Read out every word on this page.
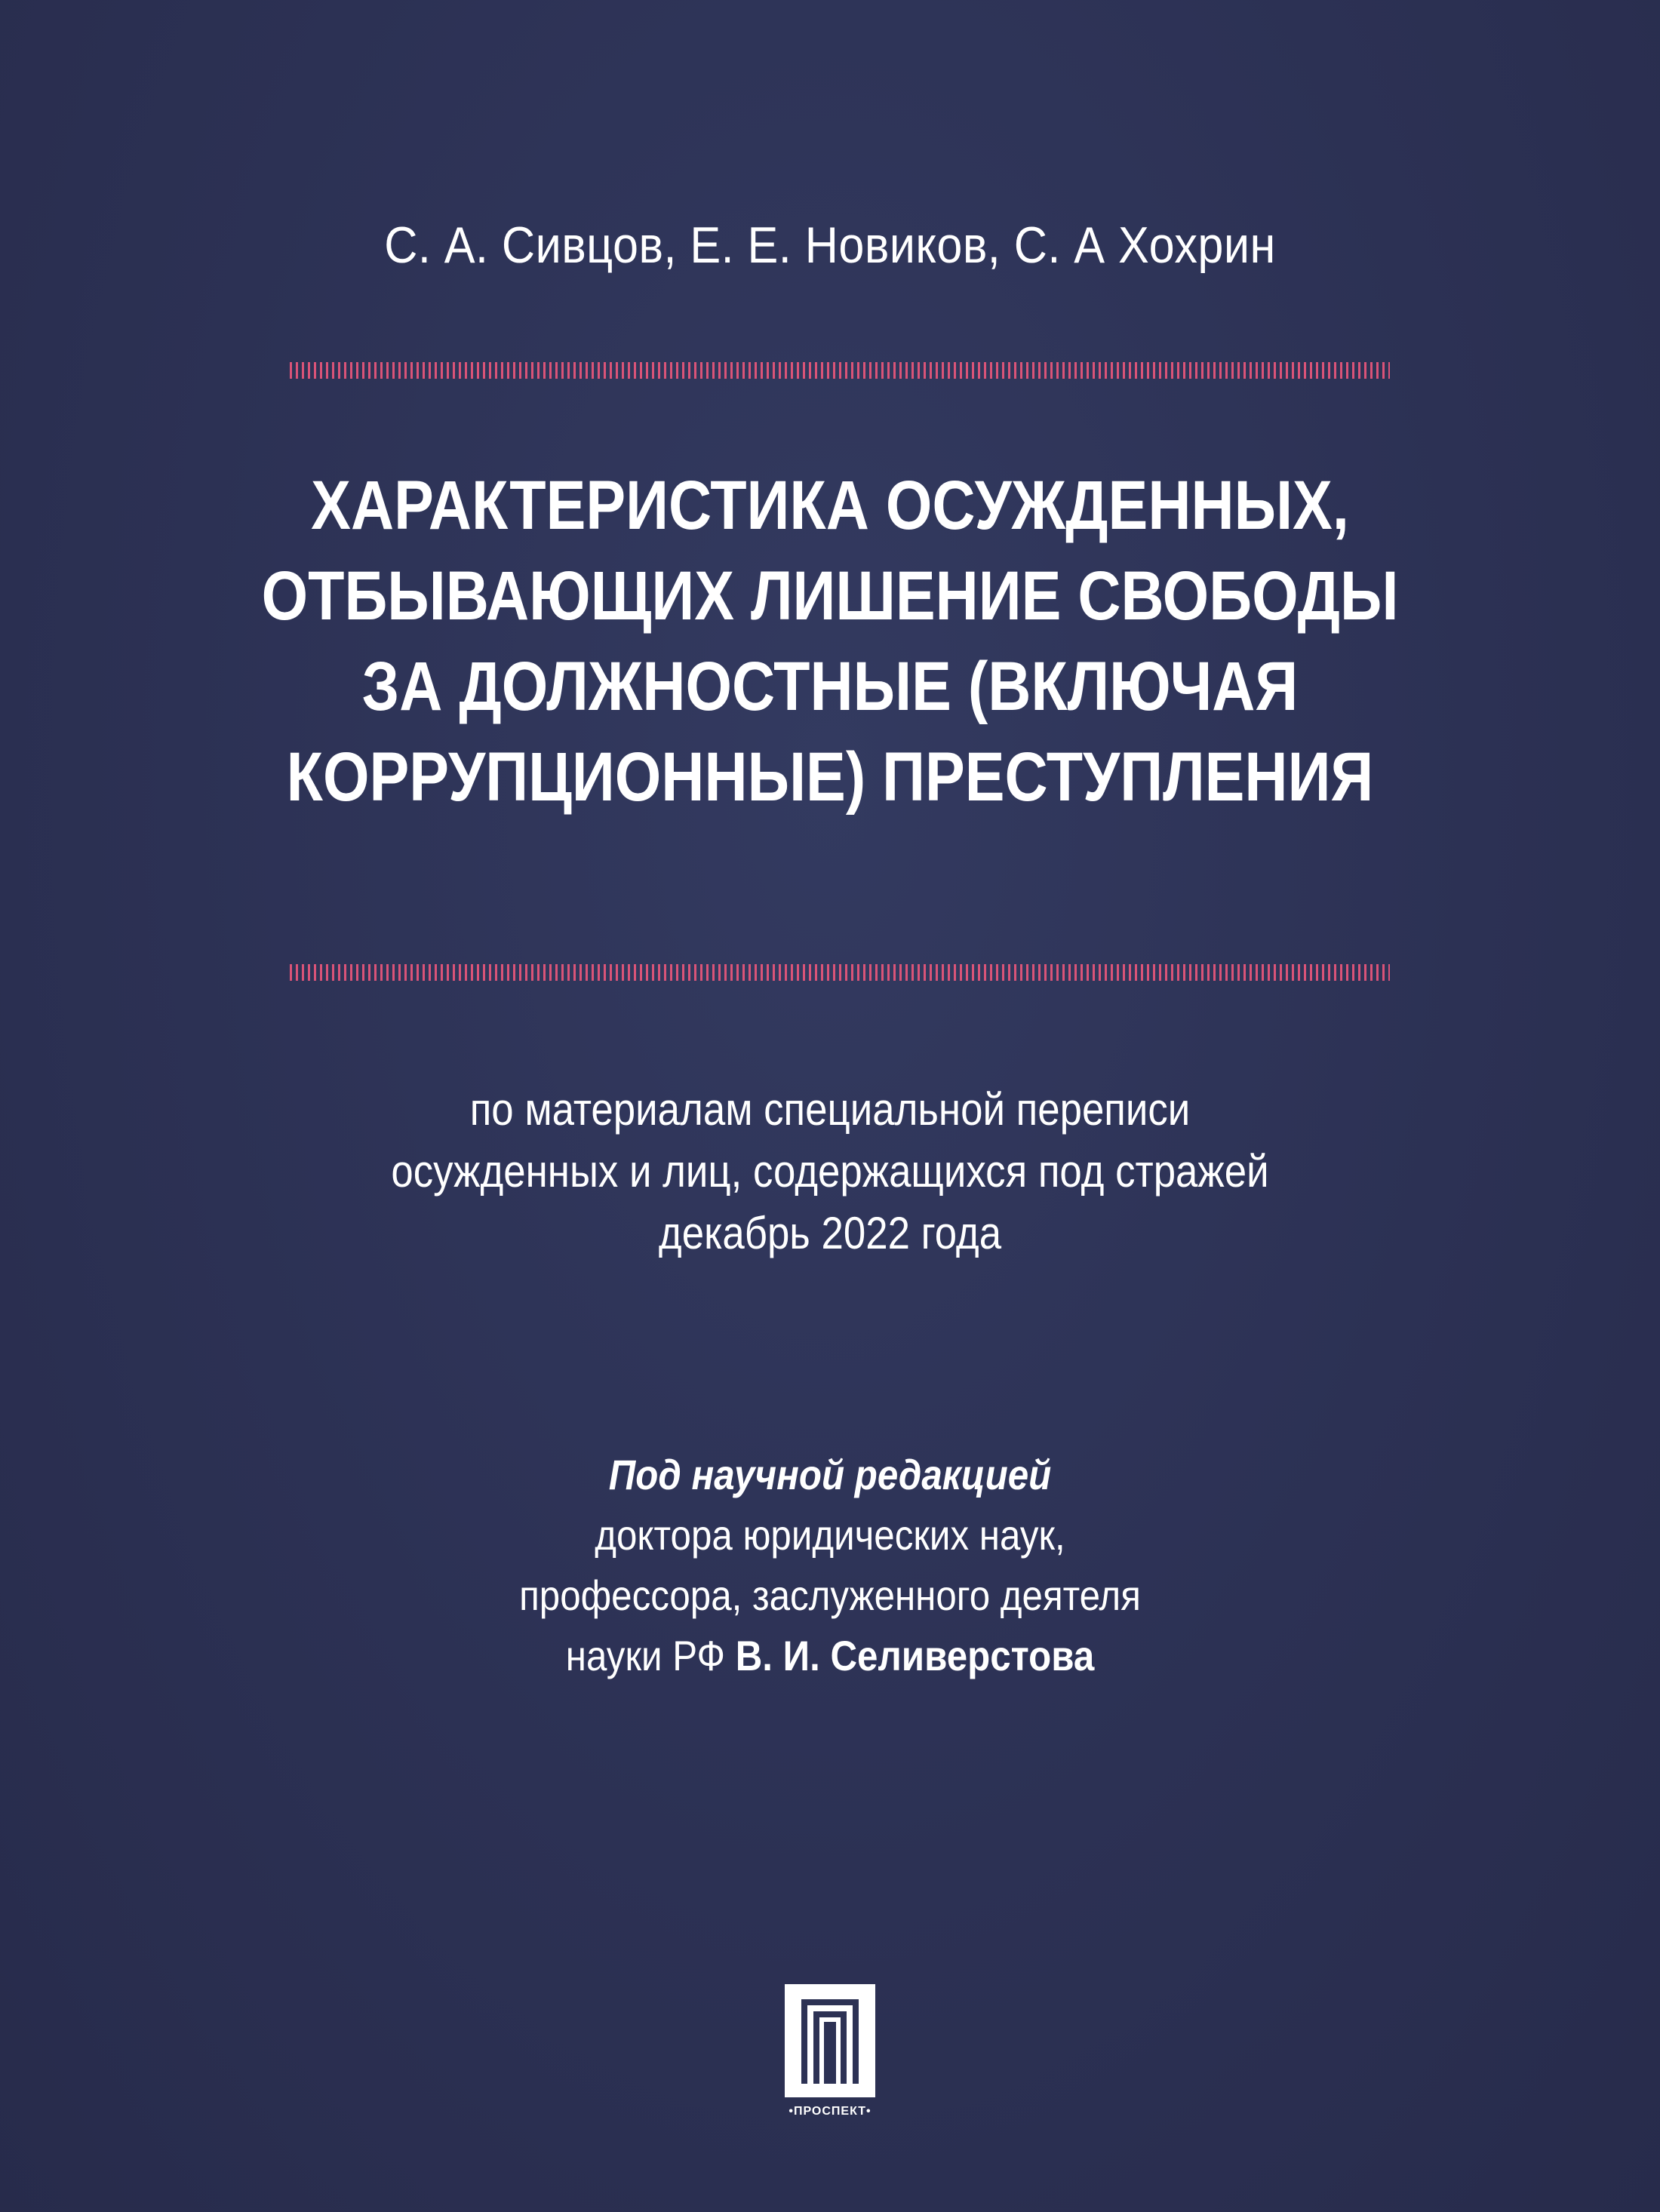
С. А. Сивцов, Е. Е. Новиков, С. А Хохрин
ХАРАКТЕРИСТИКА ОСУЖДЕННЫХ,
ОТБЫВАЮЩИХ ЛИШЕНИЕ СВОБОДЫ
ЗА ДОЛЖНОСТНЫЕ (ВКЛЮЧАЯ
КОРРУПЦИОННЫЕ) ПРЕСТУПЛЕНИЯ
по материалам специальной переписи
осужденных и лиц, содержащихся под стражей
декабрь 2022 года
Под научной редакцией
доктора юридических наук,
профессора, заслуженного деятеля
науки РФ В. И. Селиверстова
•ПРОСПЕКТ•
